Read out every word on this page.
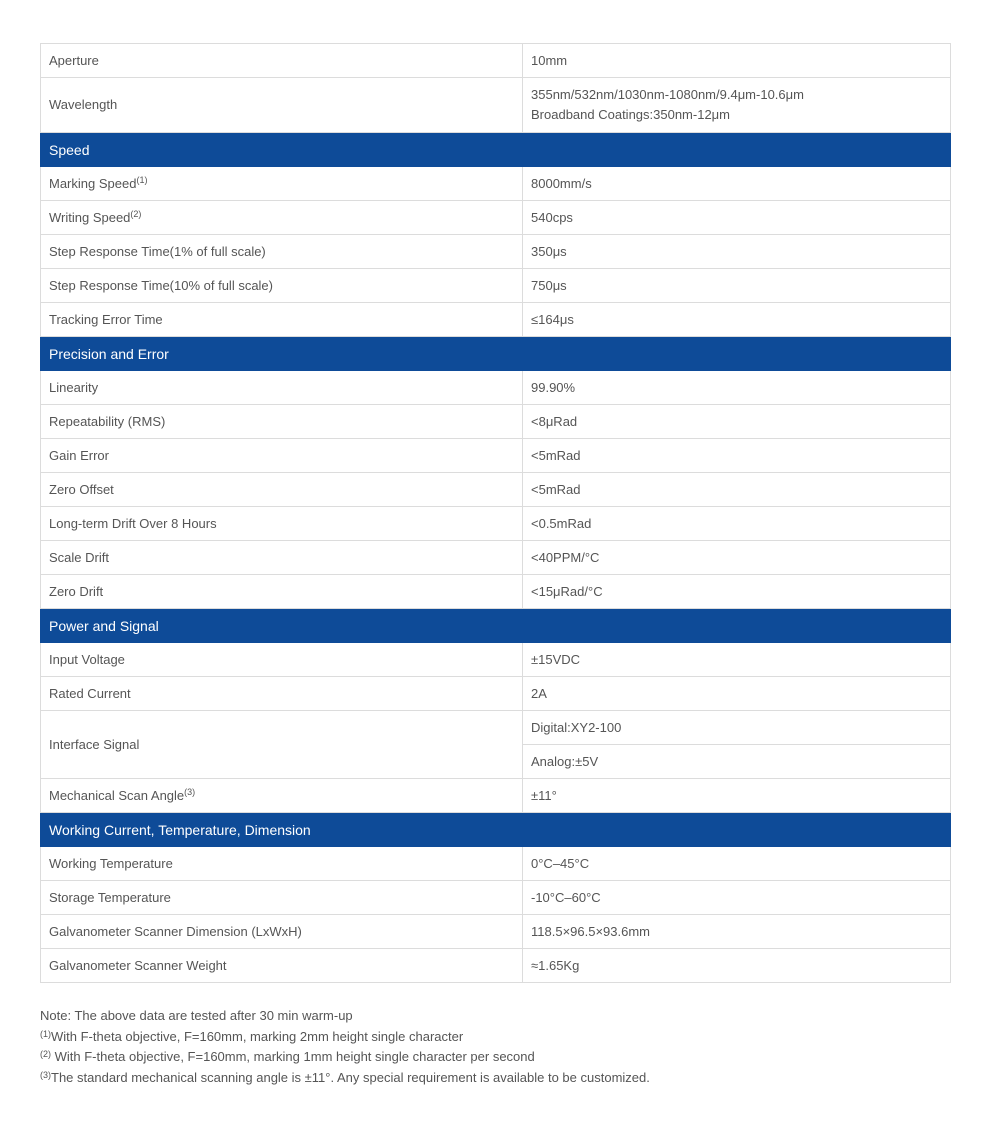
Aperture	10mm
Wavelength	355nm/532nm/1030nm-1080nm/9.4μm-10.6μm
Broadband Coatings:350nm-12μm

Speed	
Marking Speed$^{(1)}$	8000mm/s
Writing Speed$^{(2)}$	540cps
Step Response Time(1% of full scale)	350μs
Step Response Time(10% of full scale)	750μs
Tracking Error Time	≤164μs
Precision and Error	
Linearity	99.90%
Repeatability (RMS)	<8μRad
Gain Error	<5mRad
Zero Offset	<5mRad
Long-term Drift Over 8 Hours	<0.5mRad
Scale Drift	<40PPM/°C
Zero Drift	<15μRad/°C
Power and Signal	
Input Voltage	±15VDC
Rated Current	2A
Interface Signal	Digital:XY2-100
	Analog:±5V
Mechanical Scan Angle$^{(3)}$	±11°
Working Current, Temperature, Dimension	
Working Temperature	0°C–45°C
Storage Temperature	-10°C–60°C
Galvanometer Scanner Dimension (LxWxH)	118.5×96.5×93.6mm
Galvanometer Scanner Weight	≈1.65Kg
Note: The above data are tested after 30 min warm-up
$^{(1)}$With F-theta objective, F=160mm, marking 2mm height single character
$^{(2)}$ With F-theta objective, F=160mm, marking 1mm height single character per second
$^{(3)}$The standard mechanical scanning angle is ±11°. Any special requirement is available to be customized.
